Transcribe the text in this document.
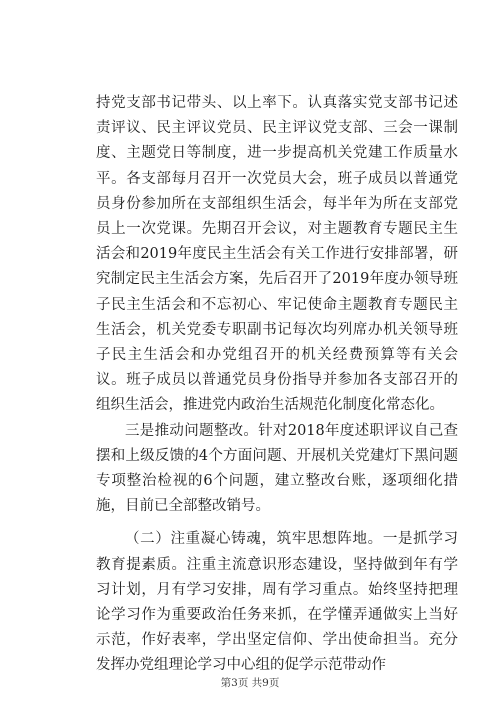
持党支部书记带头、以上率下。认真落实党支部书记述责评议、民主评议党员、民主评议党支部、三会一课制度、主题党日等制度，进一步提高机关党建工作质量水平。各支部每月召开一次党员大会，班子成员以普通党员身份参加所在支部组织生活会，每半年为所在支部党员上一次党课。先期召开会议，对主题教育专题民主生活会和2019年度民主生活会有关工作进行安排部署，研究制定民主生活会方案，先后召开了2019年度办领导班子民主生活会和不忘初心、牢记使命主题教育专题民主生活会，机关党委专职副书记每次均列席办机关领导班子民主生活会和办党组召开的机关经费预算等有关会议。班子成员以普通党员身份指导并参加各支部召开的组织生活会，推进党内政治生活规范化制度化常态化。

三是推动问题整改。针对2018年度述职评议自己查摆和上级反馈的4个方面问题、开展机关党建灯下黑问题专项整治检视的6个问题，建立整改台账，逐项细化措施，目前已全部整改销号。

（二）注重凝心铸魂，筑牢思想阵地。一是抓学习教育提素质。注重主流意识形态建设，坚持做到年有学习计划，月有学习安排，周有学习重点。始终坚持把理论学习作为重要政治任务来抓，在学懂弄通做实上当好示范，作好表率，学出坚定信仰、学出使命担当。充分发挥办党组理论学习中心组的促学示范带动作

第3页 共9页
